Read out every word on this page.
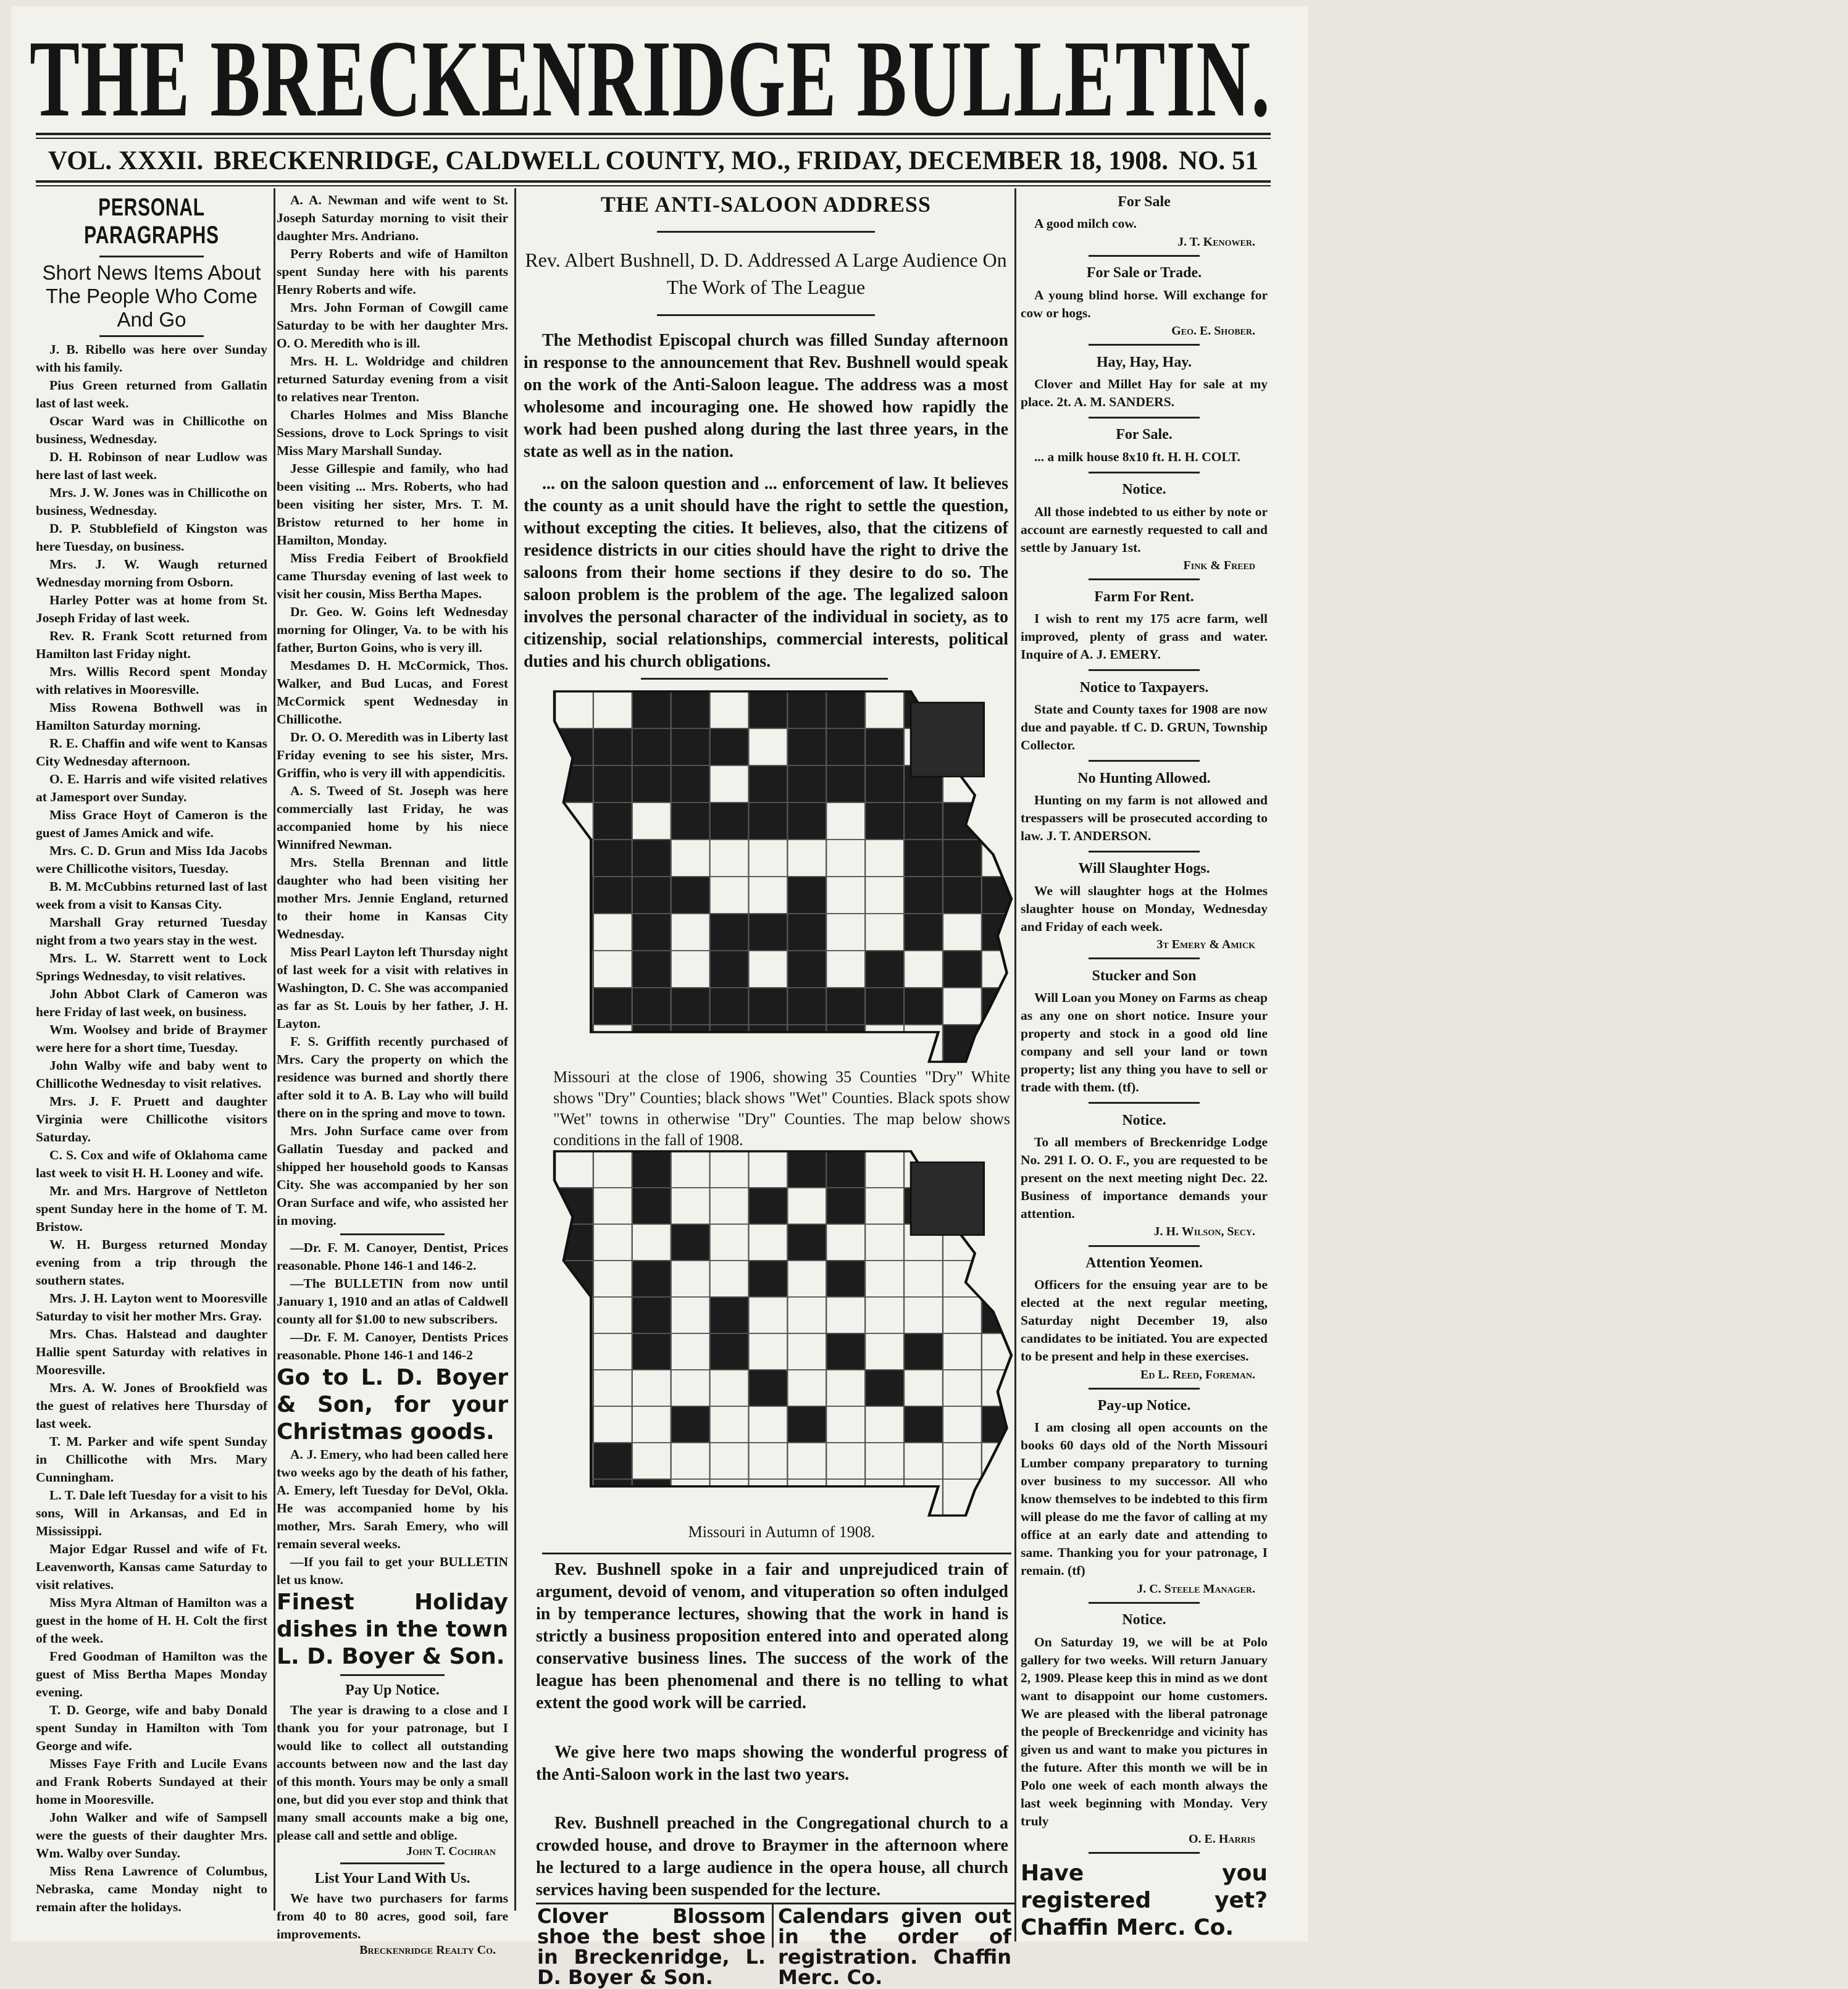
THE BRECKENRIDGE BULLETIN.
VOL. XXXII. BRECKENRIDGE, CALDWELL COUNTY, MO., FRIDAY, DECEMBER 18, 1908. NO. 51
PERSONAL PARAGRAPHS
Short News Items About The People Who Come And Go
J. B. Ribello was here over Sunday with his family.
Pius Green returned from Gallatin last of last week.
Oscar Ward was in Chillicothe on business, Wednesday.
D. H. Robinson of near Ludlow was here last of last week.
Mrs. J. W. Jones was in Chillicothe on business, Wednesday.
D. P. Stubblefield of Kingston was here Tuesday, on business.
Mrs. J. W. Waugh returned Wednesday morning from Osborn.
Harley Potter was at home from St. Joseph Friday of last week.
Rev. R. Frank Scott returned from Hamilton last Friday night.
Mrs. Willis Record spent Monday with relatives in Mooresville.
Miss Rowena Bothwell was in Hamilton Saturday morning.
R. E. Chaffin and wife went to Kansas City Wednesday afternoon.
O. E. Harris and wife visited relatives at Jamesport over Sunday.
Miss Grace Hoyt of Cameron is the guest of James Amick and wife.
Mrs. C. D. Grun and Miss Ida Jacobs were Chillicothe visitors, Tuesday.
B. M. McCubbins returned last of last week from a visit to Kansas City.
Marshall Gray returned Tuesday night from a two years stay in the west.
Mrs. L. W. Starrett went to Lock Springs Wednesday, to visit relatives.
John Abbot Clark of Cameron was here Friday of last week, on business.
Wm. Woolsey and bride of Braymer were here for a short time, Tuesday.
John Walby wife and baby went to Chillicothe Wednesday to visit relatives.
Mrs. J. F. Pruett and daughter Virginia were Chillicothe visitors Saturday.
C. S. Cox and wife of Oklahoma came last week to visit H. H. Looney and wife.
Mr. and Mrs. Hargrove of Nettleton spent Sunday here in the home of T. M. Bristow.
W. H. Burgess returned Monday evening from a trip through the southern states.
Mrs. J. H. Layton went to Mooresville Saturday to visit her mother Mrs. Gray.
Mrs. Chas. Halstead and daughter Hallie spent Saturday with relatives in Mooresville.
Mrs. A. W. Jones of Brookfield was the guest of relatives here Thursday of last week.
T. M. Parker and wife spent Sunday in Chillicothe with Mrs. Mary Cunningham.
L. T. Dale left Tuesday for a visit to his sons, Will in Arkansas, and Ed in Mississippi.
Major Edgar Russel and wife of Ft. Leavenworth, Kansas came Saturday to visit relatives.
Miss Myra Altman of Hamilton was a guest in the home of H. H. Colt the first of the week.
Fred Goodman of Hamilton was the guest of Miss Bertha Mapes Monday evening.
T. D. George, wife and baby Donald spent Sunday in Hamilton with Tom George and wife.
Misses Faye Frith and Lucile Evans and Frank Roberts Sundayed at their home in Mooresville.
John Walker and wife of Sampsell were the guests of their daughter Mrs. Wm. Walby over Sunday.
Miss Rena Lawrence of Columbus, Nebraska, came Monday night to remain after the holidays.
A. A. Newman and wife went to St. Joseph Saturday morning to visit their daughter Mrs. Andriano.
Perry Roberts and wife of Hamilton spent Sunday here with his parents Henry Roberts and wife.
Mrs. John Forman of Cowgill came Saturday to be with her daughter Mrs. O. O. Meredith who is ill.
Mrs. H. L. Woldridge and children returned Saturday evening from a visit to relatives near Trenton.
Charles Holmes and Miss Blanche Sessions, drove to Lock Springs to visit Miss Mary Marshall Sunday.
Jesse Gillespie and family, who had been visiting ... Mrs. Roberts, who had been visiting her sister, Mrs. T. M. Bristow returned to her home in Hamilton, Monday.
Miss Fredia Feibert of Brookfield came Thursday evening of last week to visit her cousin, Miss Bertha Mapes.
Dr. Geo. W. Goins left Wednesday morning for Olinger, Va. to be with his father, Burton Goins, who is very ill.
Mesdames D. H. McCormick, Thos. Walker, and Bud Lucas, and Forest McCormick spent Wednesday in Chillicothe.
Dr. O. O. Meredith was in Liberty last Friday evening to see his sister, Mrs. Griffin, who is very ill with appendicitis.
A. S. Tweed of St. Joseph was here commercially last Friday, he was accompanied home by his niece Winnifred Newman.
Mrs. Stella Brennan and little daughter who had been visiting her mother Mrs. Jennie England, returned to their home in Kansas City Wednesday.
Miss Pearl Layton left Thursday night of last week for a visit with relatives in Washington, D. C. She was accompanied as far as St. Louis by her father, J. H. Layton.
F. S. Griffith recently purchased of Mrs. Cary the property on which the residence was burned and shortly there after sold it to A. B. Lay who will build there on in the spring and move to town.
Mrs. John Surface came over from Gallatin Tuesday and packed and shipped her household goods to Kansas City. She was accompanied by her son Oran Surface and wife, who assisted her in moving.
—Dr. F. M. Canoyer, Dentist, Prices reasonable. Phone 146-1 and 146-2.
—The BULLETIN from now until January 1, 1910 and an atlas of Caldwell county all for $1.00 to new subscribers.
—Dr. F. M. Canoyer, Dentists Prices reasonable. Phone 146-1 and 146-2
Go to L. D. Boyer & Son, for your Christmas goods.
A. J. Emery, who had been called here two weeks ago by the death of his father, A. Emery, left Tuesday for DeVol, Okla. He was accompanied home by his mother, Mrs. Sarah Emery, who will remain several weeks.
—If you fail to get your BULLETIN let us know.
Finest Holiday dishes in the town L. D. Boyer & Son.
Pay Up Notice.
The year is drawing to a close and I thank you for your patronage, but I would like to collect all outstanding accounts between now and the last day of this month. Yours may be only a small one, but did you ever stop and think that many small accounts make a big one, please call and settle and oblige.
John T. Cochran
List Your Land With Us.
We have two purchasers for farms from 40 to 80 acres, good soil, fare improvements.
Breckenridge Realty Co.
THE ANTI-SALOON ADDRESS
Rev. Albert Bushnell, D. D. Addressed A Large Audience On The Work of The League
The Methodist Episcopal church was filled Sunday afternoon in response to the announcement that Rev. Bushnell would speak on the work of the Anti-Saloon league. The address was a most wholesome and incouraging one. He showed how rapidly the work had been pushed along during the last three years, in the state as well as in the nation.
... on the saloon question and ... enforcement of law. It believes the county as a unit should have the right to settle the question, without excepting the cities. It believes, also, that the citizens of residence districts in our cities should have the right to drive the saloons from their home sections if they desire to do so. The saloon problem is the problem of the age. The legalized saloon involves the personal character of the individual in society, as to citizenship, social relationships, commercial interests, political duties and his church obligations.
Missouri at the close of 1906, showing 35 Counties "Dry" White shows "Dry" Counties; black shows "Wet" Counties. Black spots show "Wet" towns in otherwise "Dry" Counties. The map below shows conditions in the fall of 1908.
Missouri in Autumn of 1908.
Rev. Bushnell spoke in a fair and unprejudiced train of argument, devoid of venom, and vituperation so often indulged in by temperance lectures, showing that the work in hand is strictly a business proposition entered into and operated along conservative business lines. The success of the work of the league has been phenomenal and there is no telling to what extent the good work will be carried.
We give here two maps showing the wonderful progress of the Anti-Saloon work in the last two years.
Rev. Bushnell preached in the Congregational church to a crowded house, and drove to Braymer in the afternoon where he lectured to a large audience in the opera house, all church services having been suspended for the lecture.
Clover Blossom shoe the best shoe in Breckenridge, L. D. Boyer & Son.
Calendars given out in the order of registration. Chaffin Merc. Co.
For Sale
A good milch cow.
J. T. Kenower.
For Sale or Trade.
A young blind horse. Will exchange for cow or hogs.
Geo. E. Shober.
Hay, Hay, Hay.
Clover and Millet Hay for sale at my place. 2t. A. M. SANDERS.
For Sale.
... a milk house 8x10 ft. H. H. COLT.
Notice.
All those indebted to us either by note or account are earnestly requested to call and settle by January 1st.
Fink & Freed
Farm For Rent.
I wish to rent my 175 acre farm, well improved, plenty of grass and water. Inquire of A. J. EMERY.
Notice to Taxpayers.
State and County taxes for 1908 are now due and payable. tf C. D. GRUN, Township Collector.
No Hunting Allowed.
Hunting on my farm is not allowed and trespassers will be prosecuted according to law. J. T. ANDERSON.
Will Slaughter Hogs.
We will slaughter hogs at the Holmes slaughter house on Monday, Wednesday and Friday of each week.
3t Emery & Amick
Stucker and Son
Will Loan you Money on Farms as cheap as any one on short notice. Insure your property and stock in a good old line company and sell your land or town property; list any thing you have to sell or trade with them. (tf).
Notice.
To all members of Breckenridge Lodge No. 291 I. O. O. F., you are requested to be present on the next meeting night Dec. 22. Business of importance demands your attention.
J. H. Wilson, Secy.
Attention Yeomen.
Officers for the ensuing year are to be elected at the next regular meeting, Saturday night December 19, also candidates to be initiated. You are expected to be present and help in these exercises.
Ed L. Reed, Foreman.
Pay-up Notice.
I am closing all open accounts on the books 60 days old of the North Missouri Lumber company preparatory to turning over business to my successor. All who know themselves to be indebted to this firm will please do me the favor of calling at my office at an early date and attending to same. Thanking you for your patronage, I remain. (tf)
J. C. Steele Manager.
Notice.
On Saturday 19, we will be at Polo gallery for two weeks. Will return January 2, 1909. Please keep this in mind as we dont want to disappoint our home customers. We are pleased with the liberal patronage the people of Breckenridge and vicinity has given us and want to make you pictures in the future. After this month we will be in Polo one week of each month always the last week beginning with Monday. Very truly
O. E. Harris
Have you registered yet? Chaffin Merc. Co.
